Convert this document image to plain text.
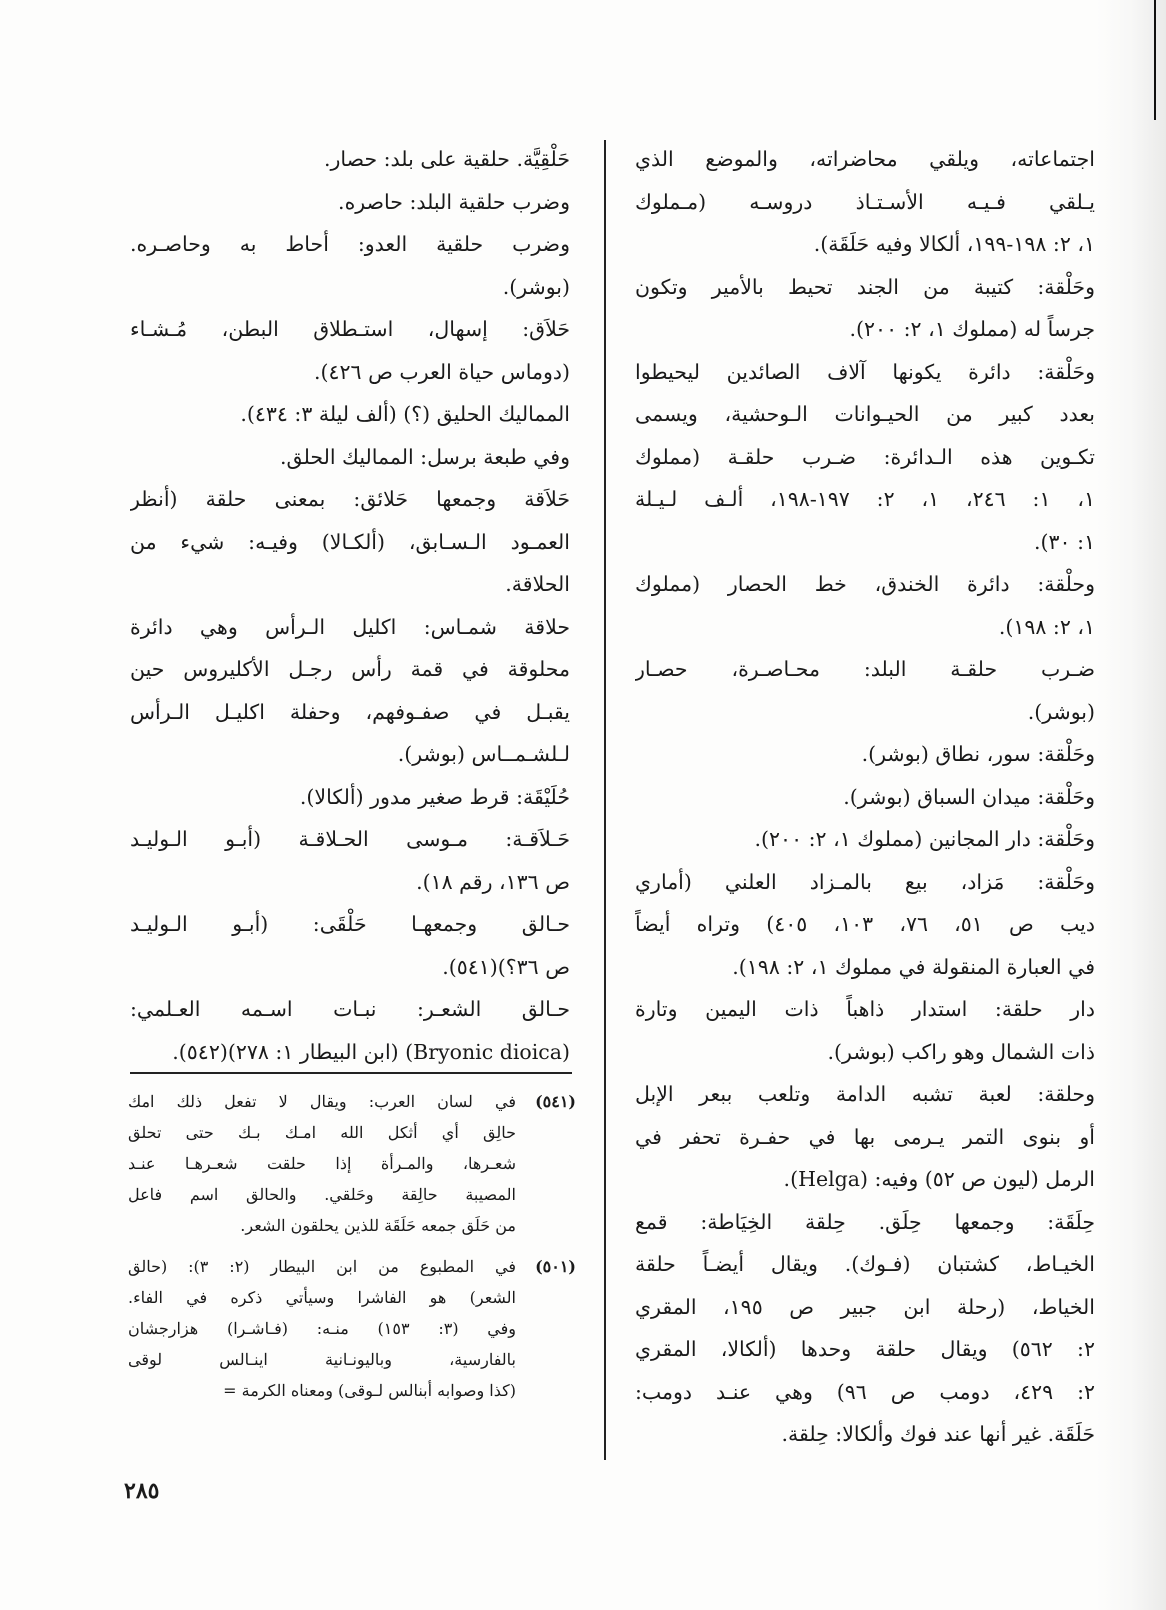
اجتماعاته، ويلقي محاضراته، والموضع الذي
يـلقي فـيـه الأسـتـاذ دروسـه (مـملوك
١، ٢: ١٩٨-١٩٩، ألكالا وفيه حَلَقَة).
وحَلْقة: كتيبة من الجند تحيط بالأمير وتكون
جرساً له (مملوك ١، ٢: ٢٠٠).
وحَلْقة: دائرة يكونها آلاف الصائدين ليحيطوا
بعدد كبير من الحيـوانات الـوحشية، ويسمى
تكـوين هذه الـدائرة: ضـرب حلقـة (مملوك
١، ١: ٢٤٦، ١، ٢: ١٩٧-١٩٨، ألـف لـيـلة
١: ٣٠).
وحلْقة: دائرة الخندق، خط الحصار (مملوك
١، ٢: ١٩٨).
ضـرب حلقـة البلد: محـاصـرة، حصـار
(بوشر).
وحَلْقة: سور، نطاق (بوشر).
وحَلْقة: ميدان السباق (بوشر).
وحَلْقة: دار المجانين (مملوك ١، ٢: ٢٠٠).
وحَلْقة: مَزاد، بيع بالمـزاد العلني (أماري
ديب ص ٥١، ٧٦، ١٠٣، ٤٠٥) وتراه أيضاً
في العبارة المنقولة في مملوك ١، ٢: ١٩٨).
دار حلقة: استدار ذاهباً ذات اليمين وتارة
ذات الشمال وهو راكب (بوشر).
وحلقة: لعبة تشبه الدامة وتلعب ببعر الإبل
أو بنوى التمر يـرمى بها في حفـرة تحفر في
الرمل (ليون ص ٥٢) وفيه: (Helga).
حِلَقَة: وجمعها حِلَق. حِلقة الخِيَاطة: قمع
الخيـاط، كشتبان (فـوك). ويقال أيضـاً حلقة
الخياط، (رحلة ابن جبير ص ١٩٥، المقري
٢: ٥٦٢) ويقال حلقة وحدها (ألكالا، المقري
٢: ٤٢٩، دومب ص ٩٦) وهي عنـد دومب:
حَلَقَة. غير أنها عند فوك وألكالا: حِلقة.
حَلْقِيَّة. حلقية على بلد: حصار.
وضرب حلقية البلد: حاصره.
وضرب حلقية العدو: أحاط به وحاصـره.
(بوشر).
حَلاَق: إسهال، استـطلاق البطن، مُـشـاء
(دوماس حياة العرب ص ٤٢٦).
المماليك الحليق (؟) (ألف ليلة ٣: ٤٣٤).
وفي طبعة برسل: المماليك الحلق.
حَلاَقة وجمعها حَلائق: بمعنى حلقة (أنظر
العمـود الـسـابق، (ألكـالا) وفيـه: شيء من
الحلاقة.
حلاقة شمـاس: اكليل الـرأس وهي دائرة
محلوقة في قمة رأس رجـل الأكليروس حين
يقبـل في صفـوفهم، وحفلة اكليـل الـرأس
لـلشـمــاس (بوشر).
حُلَيْقَة: قرط صغير مدور (ألكالا).
حَـلاَقـة: مـوسى الحـلاقـة (أبـو الـوليـد
ص ١٣٦، رقم ١٨).
حـالق وجمعهـا حَلْقَى: (أبـو الـوليـد
ص ٣٦؟)(٥٤١).
حـالق الشعـر: نبـات اسـمه العـلمي:
(Bryonic dioica) (ابن البيطار ١: ٢٧٨)(٥٤٢).
(٥٤١)
في لسان العرب: ويقال لا تفعل ذلك امك
حالِق أي أثكل الله امـك بـك حتى تحلق
شعـرها، والمـرأة إذا حلقت شعـرهـا عنـد
المصيبة حالِقة وحَلقي. والحالق اسم فاعل
من حَلَق جمعه حَلَقَة للذين يحلقون الشعر.
(٥٠١)
في المطبوع من ابن البيطار (٢: ٣): (حالق
الشعر) هو الفاشرا وسيأتي ذكره في الفاء.
وفي (٣: ١٥٣) منـه: (فـاشـرا) هزارجشان
بالفارسية، وباليونـانية اينـالس لوقى
(كذا وصوابه أبنالس لـوقى) ومعناه الكرمة =
٢٨٥
